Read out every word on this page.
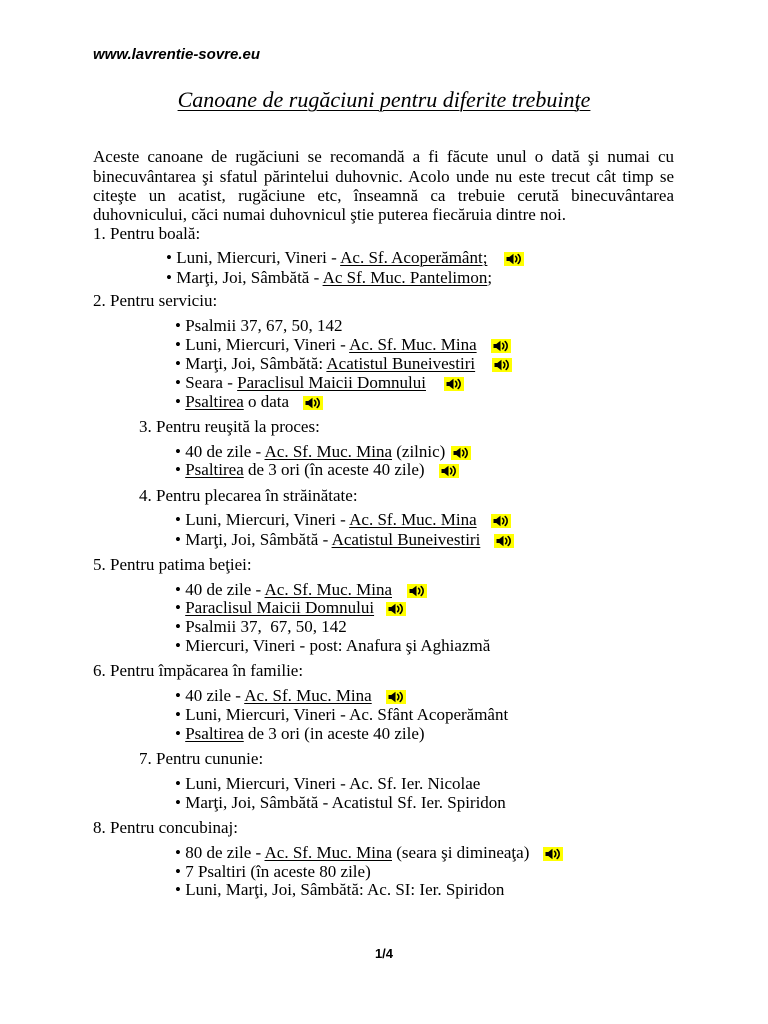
www.lavrentie-sovre.eu
Canoane de rugăciuni pentru diferite trebuinţe
Aceste canoane de rugăciuni se recomandă a fi făcute unul o dată şi numai cu
binecuvântarea şi sfatul părintelui duhovnic. Acolo unde nu este trecut cât timp se
citeşte un acatist, rugăciune etc, înseamnă ca trebuie cerută binecuvântarea
duhovnicului, căci numai duhovnicul ştie puterea fiecăruia dintre noi.
1. Pentru boală:
• Luni, Miercuri, Vineri - Ac. Sf. Acoperământ;
• Marţi, Joi, Sâmbătă - Ac Sf. Muc. Pantelimon;
2. Pentru serviciu:
• Psalmii 37, 67, 50, 142
• Luni, Miercuri, Vineri - Ac. Sf. Muc. Mina
• Marţi, Joi, Sâmbătă: Acatistul Buneivestiri
• Seara - Paraclisul Maicii Domnului
• Psaltirea o data
3. Pentru reuşită la proces:
• 40 de zile - Ac. Sf. Muc. Mina (zilnic)
• Psaltirea de 3 ori (în aceste 40 zile)
4. Pentru plecarea în străinătate:
• Luni, Miercuri, Vineri - Ac. Sf. Muc. Mina
• Marţi, Joi, Sâmbătă - Acatistul Buneivestiri
5. Pentru patima beţiei:
• 40 de zile - Ac. Sf. Muc. Mina
• Paraclisul Maicii Domnului
• Psalmii 37,  67, 50, 142
• Miercuri, Vineri - post: Anafura şi Aghiazmă
6. Pentru împăcarea în familie:
• 40 zile - Ac. Sf. Muc. Mina
• Luni, Miercuri, Vineri - Ac. Sfânt Acoperământ
• Psaltirea de 3 ori (in aceste 40 zile)
7. Pentru cununie:
• Luni, Miercuri, Vineri - Ac. Sf. Ier. Nicolae
• Marţi, Joi, Sâmbătă - Acatistul Sf. Ier. Spiridon
8. Pentru concubinaj:
• 80 de zile - Ac. Sf. Muc. Mina (seara şi dimineaţa)
• 7 Psaltiri (în aceste 80 zile)
• Luni, Marţi, Joi, Sâmbătă: Ac. SI: Ier. Spiridon
1/4
